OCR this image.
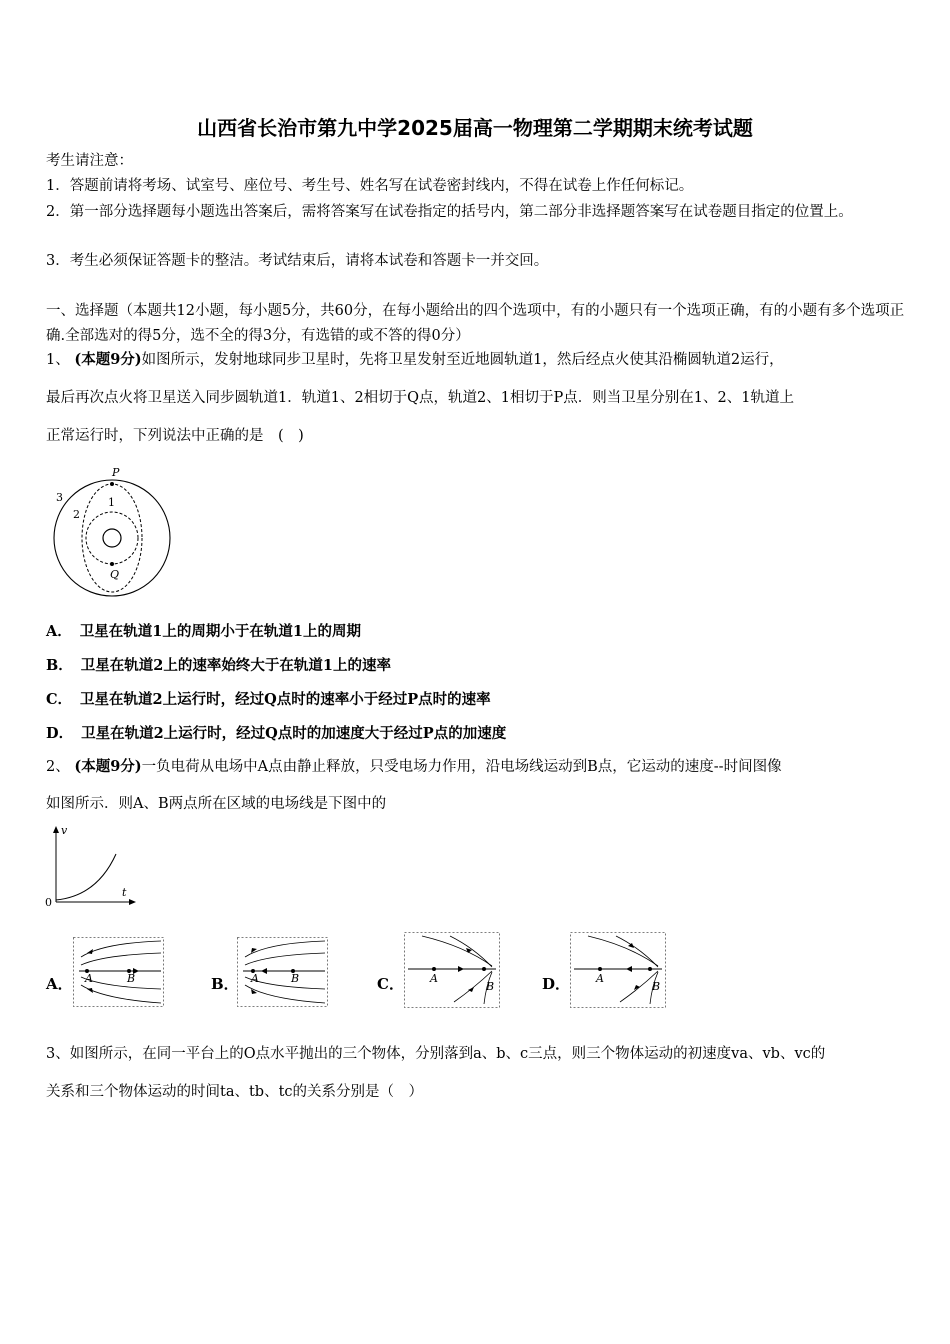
山西省长治市第九中学2025届高一物理第二学期期末统考试题
考生请注意：
1．答题前请将考场、试室号、座位号、考生号、姓名写在试卷密封线内，不得在试卷上作任何标记。
2．第一部分选择题每小题选出答案后，需将答案写在试卷指定的括号内，第二部分非选择题答案写在试卷题目指定的位置上。
3．考生必须保证答题卡的整洁。考试结束后，请将本试卷和答题卡一并交回。
一、选择题（本题共12小题，每小题5分，共60分，在每小题给出的四个选项中，有的小题只有一个选项正确，有的小题有多个选项正确.全部选对的得5分，选不全的得3分，有选错的或不答的得0分）
1、 (本题9分)如图所示，发射地球同步卫星时，先将卫星发射至近地圆轨道1，然后经点火使其沿椭圆轨道2运行，
最后再次点火将卫星送入同步圆轨道1．轨道1、2相切于Q点，轨道2、1相切于P点．则当卫星分别在1、2、1轨道上
正常运行时，下列说法中正确的是　(　)
P
Q
1
2
3
A． 卫星在轨道1上的周期小于在轨道1上的周期
B． 卫星在轨道2上的速率始终大于在轨道1上的速率
C． 卫星在轨道2上运行时，经过Q点时的速率小于经过P点时的速率
D． 卫星在轨道2上运行时，经过Q点时的加速度大于经过P点的加速度
2、 (本题9分)一负电荷从电场中A点由静止释放，只受电场力作用，沿电场线运动到B点，它运动的速度--时间图像
如图所示．则A、B两点所在区域的电场线是下图中的
v
t
0
A． A	B	B． A	B	C． A
B	D． A
B
3、如图所示，在同一平台上的O点水平抛出的三个物体，分别落到a、b、c三点，则三个物体运动的初速度va、vb、vc的
关系和三个物体运动的时间ta、tb、tc的关系分别是（　）
